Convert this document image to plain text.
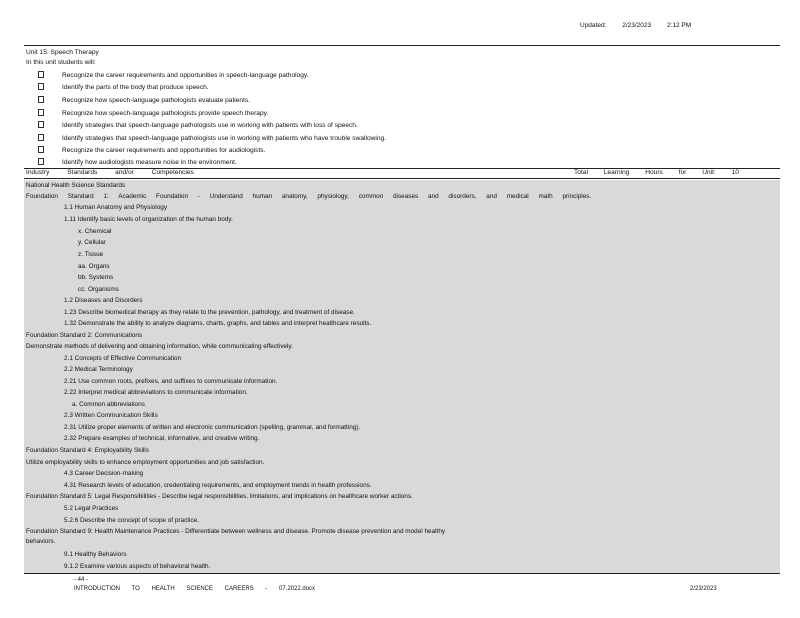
Updated: 2/23/2023 2:12 PM
Unit 15: Speech Therapy
In this unit students will:
Recognize the career requirements and opportunities in speech-language pathology.
Identify the parts of the body that produce speech.
Recognize how speech-language pathologists evaluate patients.
Recognize how speech-language pathologists provide speech therapy.
Identify strategies that speech-language pathologists use in working with patients with loss of speech.
Identify strategies that speech-language pathologists use in working with patients who have trouble swallowing.
Recognize the career requirements and opportunities for audiologists.
Identify how audiologists measure noise in the environment.
Industry Standards and/or Competencies	Total Learning Hours for Unit: 10
National Health Science Standards
Foundation Standard 1: Academic Foundation - Understand human anatomy, physiology, common diseases and disorders, and medical math principles.
1.1 Human Anatomy and Physiology
1.11 Identify basic levels of organization of the human body.
x. Chemical
y. Cellular
z. Tissue
aa. Organs
bb. Systems
cc. Organisms
1.2 Diseases and Disorders
1.23 Describe biomedical therapy as they relate to the prevention, pathology, and treatment of disease.
1.32 Demonstrate the ability to analyze diagrams, charts, graphs, and tables and interpret healthcare results.
Foundation Standard 2: Communications
Demonstrate methods of delivering and obtaining information, while communicating effectively.
2.1 Concepts of Effective Communication
2.2 Medical Terminology
2.21 Use common roots, prefixes, and suffixes to communicate information.
2.22 Interpret medical abbreviations to communicate information.
a. Common abbreviations
2.3 Written Communication Skills
2.31 Utilize proper elements of written and electronic communication (spelling, grammar, and formatting).
2.32 Prepare examples of technical, informative, and creative writing.
Foundation Standard 4: Employability Skills
Utilize employability skills to enhance employment opportunities and job satisfaction.
4.3 Career Decision-making
4.31 Research levels of education, credentialing requirements, and employment trends in health professions.
Foundation Standard 5: Legal Responsibilities - Describe legal responsibilities, limitations, and implications on healthcare worker actions.
5.2 Legal Practices
5.2.6 Describe the concept of scope of practice.
Foundation Standard 9: Health Maintenance Practices - Differentiate between wellness and disease. Promote disease prevention and model healthy
behaviors.
9.1 Healthy Behaviors
9.1.2 Examine various aspects of behavioral health.
- 44 -
INTRODUCTION TO HEALTH SCIENCE CAREERS - 07.2022.docx	2/23/2023
